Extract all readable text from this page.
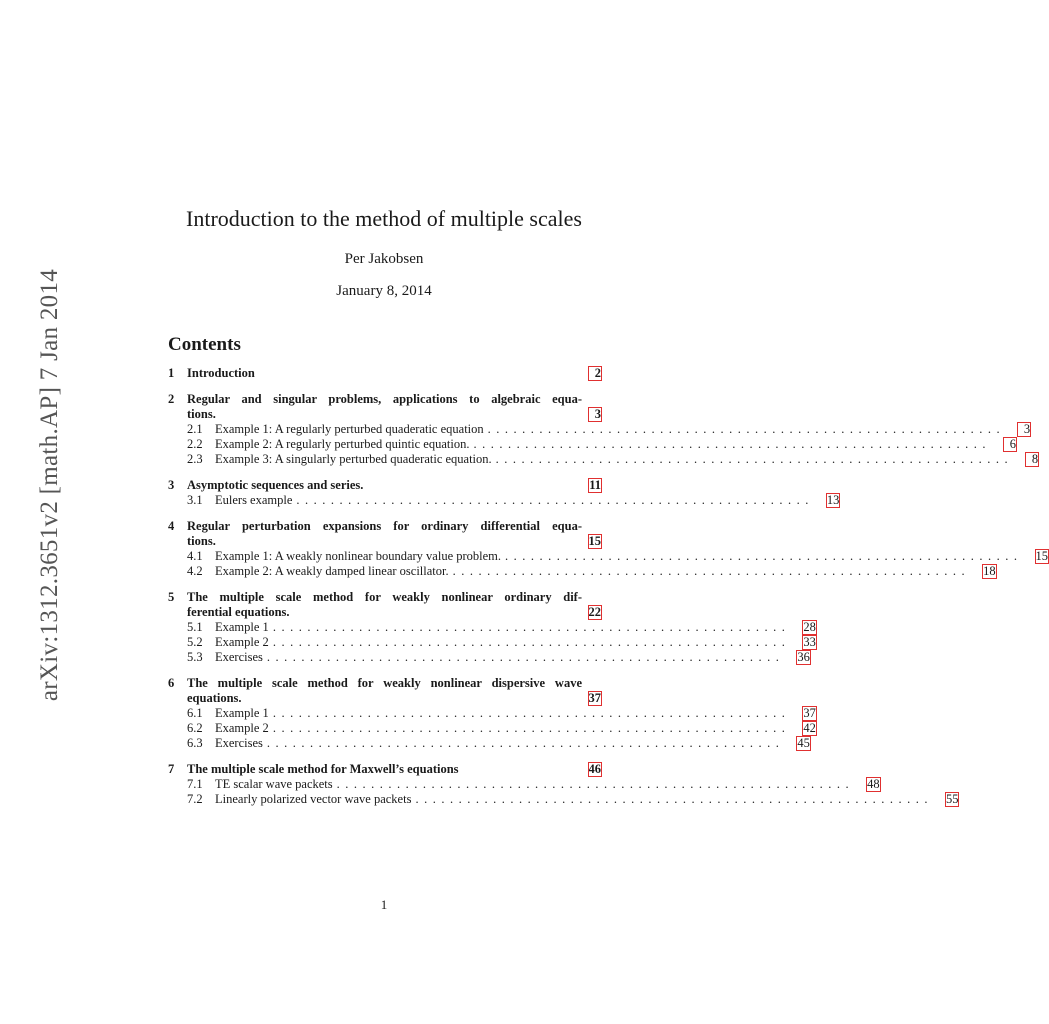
arXiv:1312.3651v2 [math.AP] 7 Jan 2014
Introduction to the method of multiple scales
Per Jakobsen
January 8, 2014
Contents
1	Introduction	2
2	Regular and singular problems, applications to algebraic equa-
tions.	3
2.1 Example 1: A regularly perturbed quaderatic equation ............................................................	3
2.2 Example 2: A regularly perturbed quintic equation. ............................................................	6
2.3 Example 3: A singularly perturbed quaderatic equation. ............................................................	8
3	Asymptotic sequences and series.	11
3.1 Eulers example ............................................................ 13
4	Regular perturbation expansions for ordinary differential equa-
tions.	15
4.1 Example 1: A weakly nonlinear boundary value problem. ............................................................ 15
4.2 Example 2: A weakly damped linear oscillator. ............................................................ 18
5	The multiple scale method for weakly nonlinear ordinary dif-
ferential equations.	22
5.1 Example 1 ............................................................ 28
5.2 Example 2 ............................................................ 33
5.3 Exercises ............................................................ 36
6	The multiple scale method for weakly nonlinear dispersive wave
equations.	37
6.1 Example 1 ............................................................ 37
6.2 Example 2 ............................................................ 42
6.3 Exercises ............................................................ 45
7	The multiple scale method for Maxwell’s equations	46
7.1 TE scalar wave packets ............................................................ 48
7.2 Linearly polarized vector wave packets ............................................................ 55
1
